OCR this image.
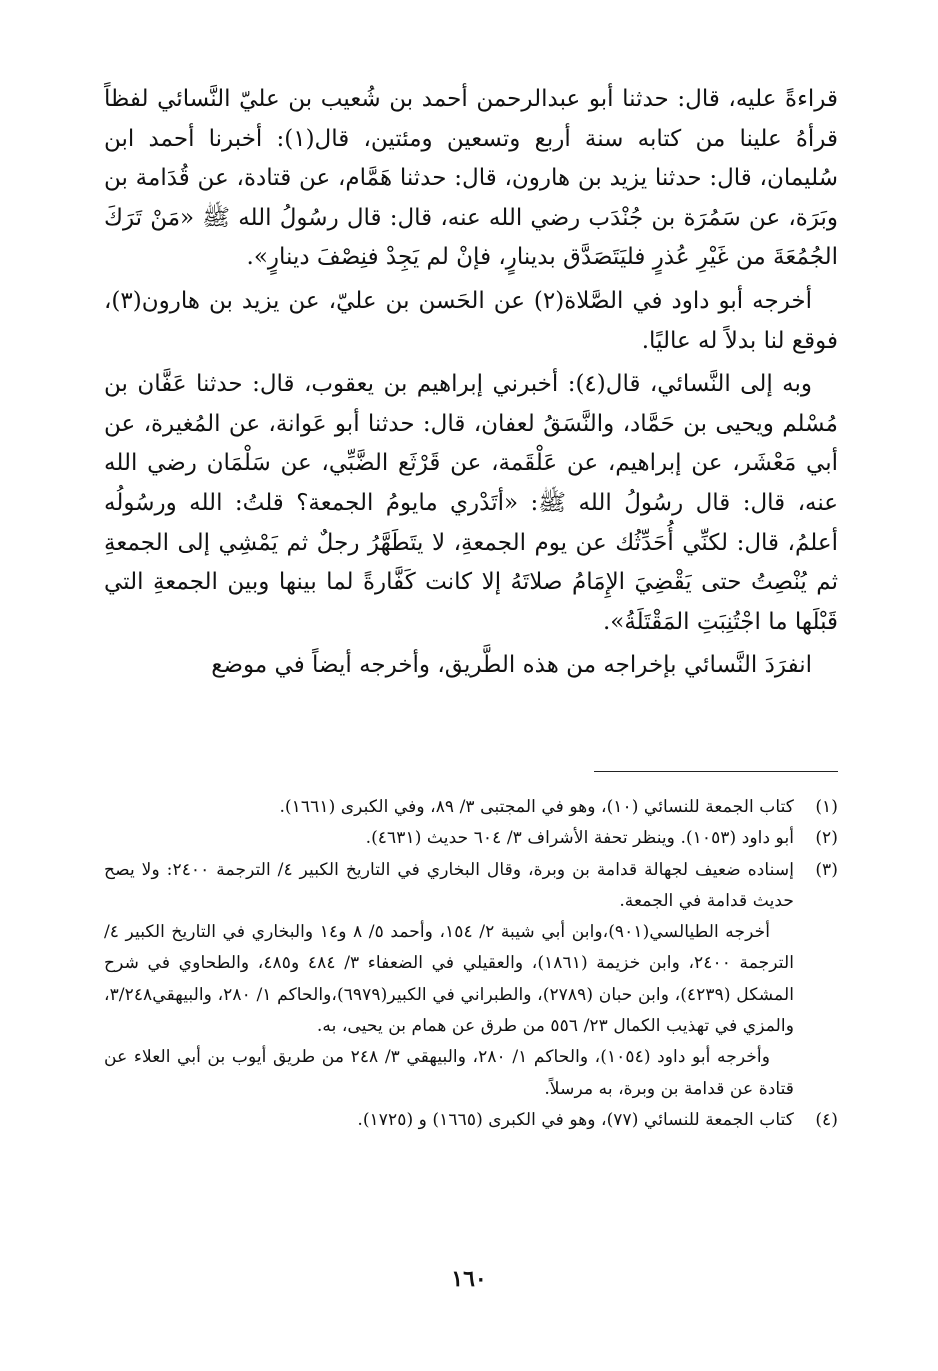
قراءةً عليه، قال: حدثنا أبو عبدالرحمن أحمد بن شُعيب بن عليّ النَّسائي لفظاً قرأهُ علينا من كتابه سنة أربع وتسعين ومئتين، قال(١): أخبرنا أحمد ابن سُليمان، قال: حدثنا يزيد بن هارون، قال: حدثنا هَمَّام، عن قتادة، عن قُدَامة بن وبَرَة، عن سَمُرَة بن جُنْدَب رضي الله عنه، قال: قال رسُولُ الله ﷺ «مَنْ تَرَكَ الجُمُعَةَ من غَيْرِ عُذرٍ فليَتَصَدَّق بدينارٍ، فإنْ لم يَجِدْ فنِصْفَ دينارٍ».

أخرجه أبو داود في الصَّلاة(٢) عن الحَسن بن عليّ، عن يزيد بن هارون(٣)، فوقع لنا بدلاً له عاليًا.

وبه إلى النَّسائي، قال(٤): أخبرني إبراهيم بن يعقوب، قال: حدثنا عَفَّان بن مُسْلم ويحيى بن حَمَّاد، والنَّسَقُ لعفان، قال: حدثنا أبو عَوانة، عن المُغيرة، عن أبي مَعْشَر، عن إبراهيم، عن عَلْقَمة، عن قَرْثَع الضَّبِّي، عن سَلْمَان رضي الله عنه، قال: قال رسُولُ الله ﷺ: «أتَدْري مايومُ الجمعة؟ قلتُ: الله ورسُولُه أعلمُ، قال: لكنِّي أُحَدِّثُك عن يوم الجمعةِ، لا يتَطَهَّرُ رجلٌ ثم يَمْشِي إلى الجمعةِ ثم يُنْصِتُ حتى يَقْضِيَ الإِمَامُ صلاتَهُ إلا كانت كَفَّارةً لما بينها وبين الجمعةِ التي قَبْلَها ما اجْتُنِبَتِ المَقْتَلَةُ».

انفرَدَ النَّسائي بإخراجه من هذه الطَّريق، وأخرجه أيضاً في موضع

(١)
كتاب الجمعة للنسائي (١٠)، وهو في المجتبى ٣/ ٨٩، وفي الكبرى (١٦٦١).
(٢)
أبو داود (١٠٥٣). وينظر تحفة الأشراف ٣/ ٦٠٤ حديث (٤٦٣١).
(٣)
إسناده ضعيف لجهالة قدامة بن وبرة، وقال البخاري في التاريخ الكبير ٤/ الترجمة ٢٤٠٠: ولا يصح حديث قدامة في الجمعة.
أخرجه الطيالسي(٩٠١)،وابن أبي شيبة ٢/ ١٥٤، وأحمد ٥/ ٨ و١٤ والبخاري في التاريخ الكبير ٤/ الترجمة ٢٤٠٠، وابن خزيمة (١٨٦١)، والعقيلي في الضعفاء ٣/ ٤٨٤ و٤٨٥، والطحاوي في شرح المشكل (٤٢٣٩)، وابن حبان (٢٧٨٩)، والطبراني في الكبير(٦٩٧٩)،والحاكم ١/ ٢٨٠، والبيهقي٣/٢٤٨، والمزي في تهذيب الكمال ٢٣/ ٥٥٦ من طرق عن همام بن يحيى، به.
وأخرجه أبو داود (١٠٥٤)، والحاكم ١/ ٢٨٠، والبيهقي ٣/ ٢٤٨ من طريق أيوب بن أبي العلاء عن قتادة عن قدامة بن وبرة، به مرسلاً.
(٤)
كتاب الجمعة للنسائي (٧٧)، وهو في الكبرى (١٦٦٥) و (١٧٢٥).
١٦٠
